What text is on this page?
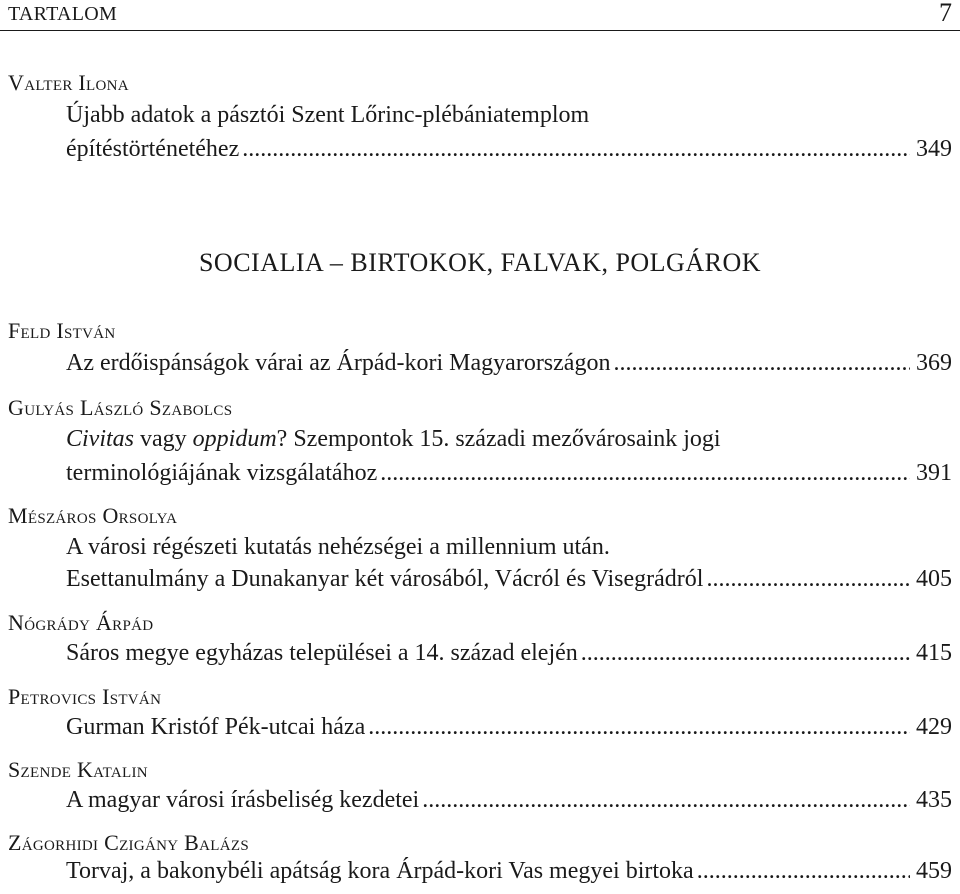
TARTALOM	7
Valter Ilona
Újabb adatok a pásztói Szent Lőrinc-plébániatemplom
építéstörténetéhez . . .	349
SOCIALIA – BIRTOKOK, FALVAK, POLGÁROK
Feld István
Az erdőispánságok várai az Árpád-kori Magyarországon . . .	369
Gulyás László Szabolcs
Civitas vagy oppidum? Szempontok 15. századi mezővárosaink jogi
terminológiájának vizsgálatához . . .	391
Mészáros Orsolya
A városi régészeti kutatás nehézségei a millennium után.
Esettanulmány a Dunakanyar két városából, Vácról és Visegrádról . . .	405
Nógrády Árpád
Sáros megye egyházas települései a 14. század elején . . .	415
Petrovics István
Gurman Kristóf Pék-utcai háza . . .	429
Szende Katalin
A magyar városi írásbeliség kezdetei . . .	435
Zágorhidi Czigány Balázs
Torvaj, a bakonybéli apátság kora Árpád-kori Vas megyei birtoka . . .	459
